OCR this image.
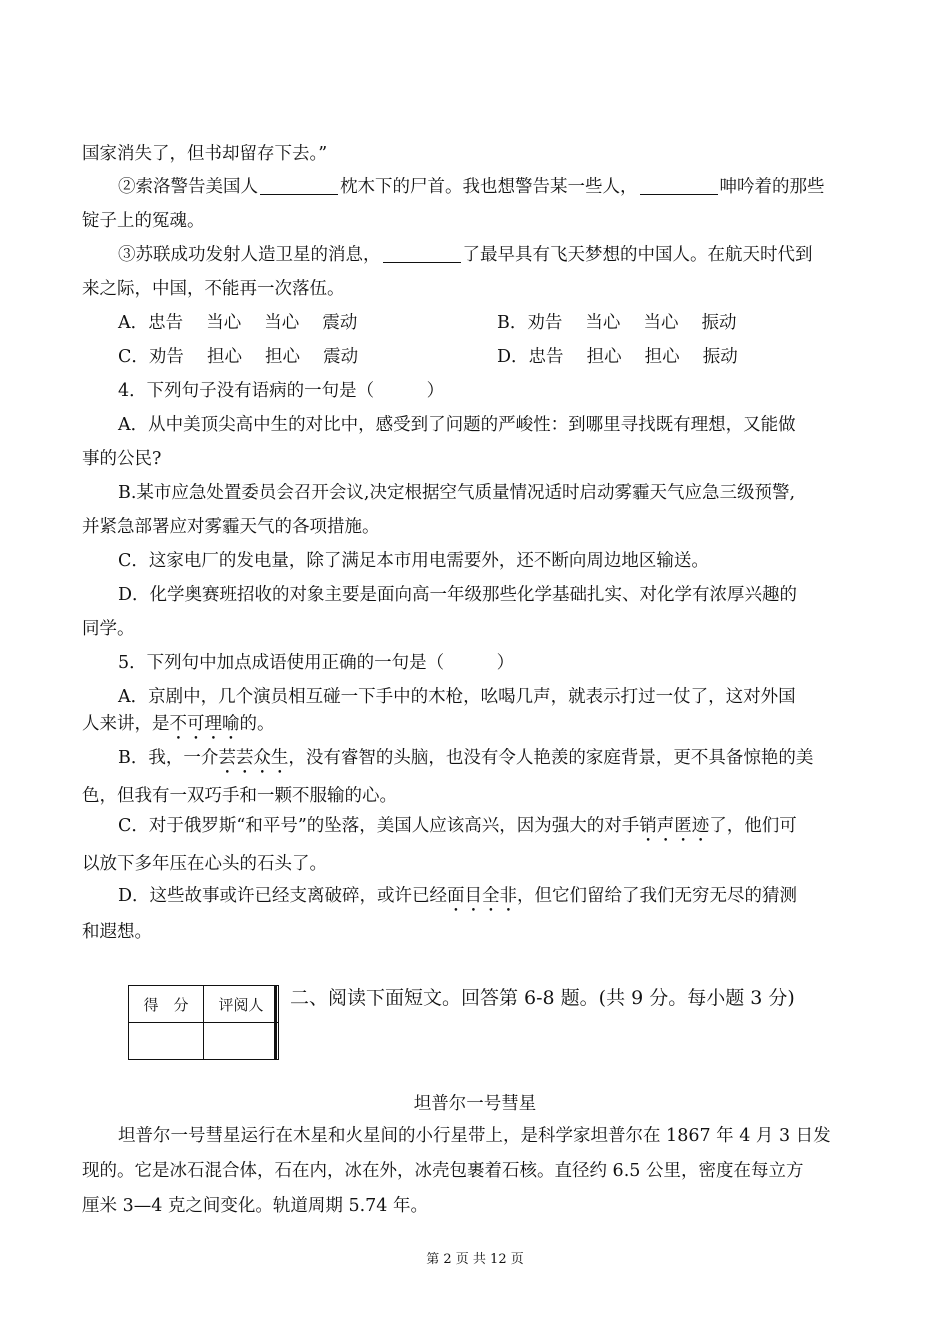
国家消失了，但书却留存下去。”
②索洛警告美国人	枕木下的尸首。我也想警告某一些人，	呻吟着的那些
锭子上的冤魂。
③苏联成功发射人造卫星的消息，	了最早具有飞天梦想的中国人。在航天时代到
来之际，中国，不能再一次落伍。
A．忠告　 当心　 当心　 震动	B．劝告　 当心　 当心　 振动
C．劝告　 担心　 担心　 震动	D．忠告　 担心　 担心　 振动
4．下列句子没有语病的一句是（　　　）
A．从中美顶尖高中生的对比中，感受到了问题的严峻性：到哪里寻找既有理想，又能做
事的公民?
B.某市应急处置委员会召开会议,决定根据空气质量情况适时启动雾霾天气应急三级预警,
并紧急部署应对雾霾天气的各项措施。
C．这家电厂的发电量，除了满足本市用电需要外，还不断向周边地区输送。
D．化学奥赛班招收的对象主要是面向高一年级那些化学基础扎实、对化学有浓厚兴趣的
同学。
5．下列句中加点成语使用正确的一句是（　　　）
A．京剧中，几个演员相互碰一下手中的木枪，吆喝几声，就表示打过一仗了，这对外国
人来讲，是不可理喻的。
B．我，一介芸芸众生，没有睿智的头脑，也没有令人艳羡的家庭背景，更不具备惊艳的美
色，但我有一双巧手和一颗不服输的心。
C．对于俄罗斯“和平号”的坠落，美国人应该高兴，因为强大的对手销声匿迹了，他们可
以放下多年压在心头的石头了。
D．这些故事或许已经支离破碎，或许已经面目全非，但它们留给了我们无穷无尽的猜测
和遐想。
得　分	评阅人
	二、阅读下面短文。回答第 6-8 题。(共 9 分。每小题 3 分)
坦普尔一号彗星
坦普尔一号彗星运行在木星和火星间的小行星带上，是科学家坦普尔在 1867 年 4 月 3 日发
现的。它是冰石混合体，石在内，冰在外，冰壳包裹着石核。直径约 6.5 公里，密度在每立方
厘米 3—4 克之间变化。轨道周期 5.74 年。
第 2 页 共 12 页
